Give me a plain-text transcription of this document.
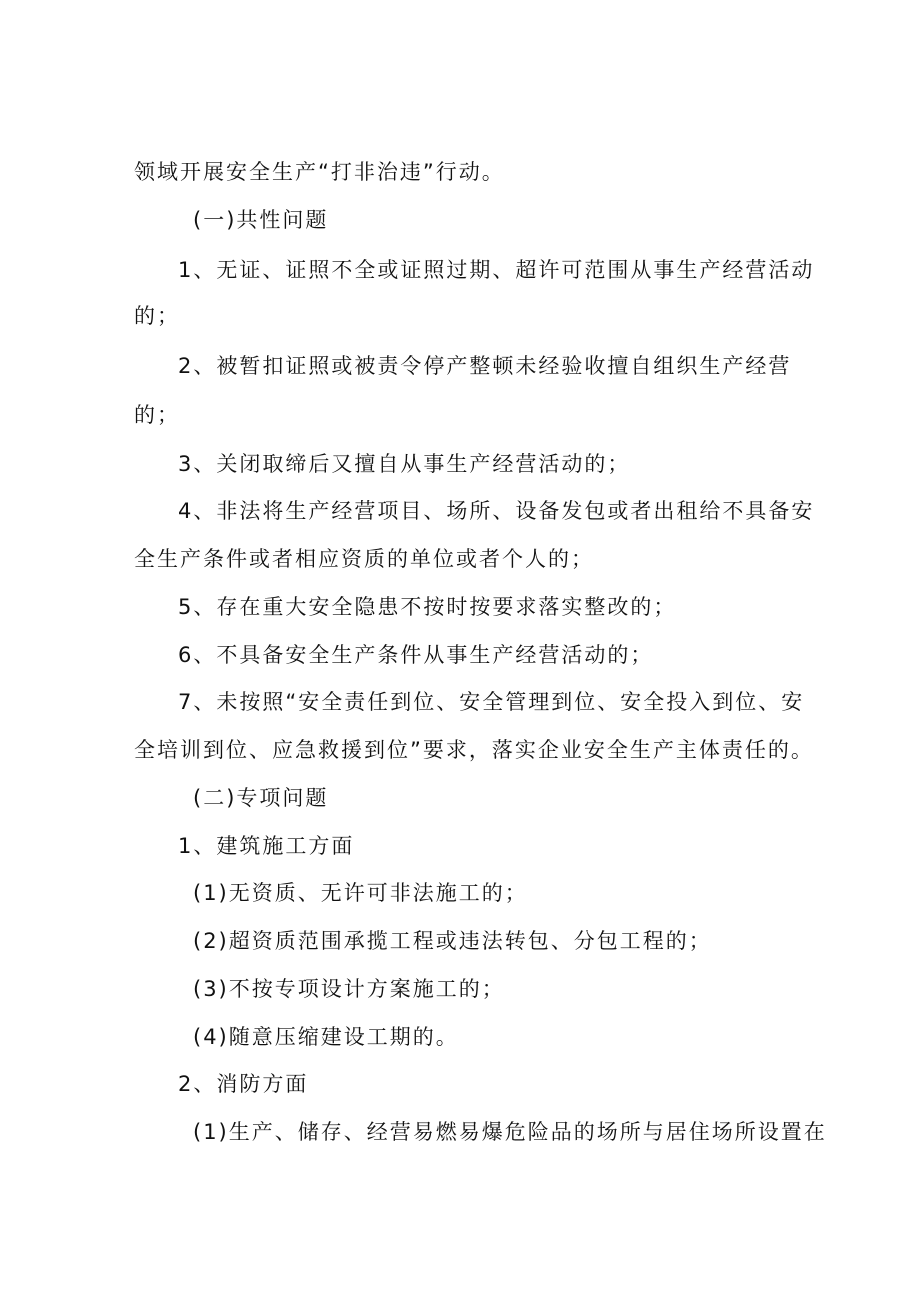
领域开展安全生产“打非治违”行动。
(一)共性问题
1、无证、证照不全或证照过期、超许可范围从事生产经营活动
的；
2、被暂扣证照或被责令停产整顿未经验收擅自组织生产经营
的；
3、关闭取缔后又擅自从事生产经营活动的；
4、非法将生产经营项目、场所、设备发包或者出租给不具备安
全生产条件或者相应资质的单位或者个人的；
5、存在重大安全隐患不按时按要求落实整改的；
6、不具备安全生产条件从事生产经营活动的；
7、未按照“安全责任到位、安全管理到位、安全投入到位、安
全培训到位、应急救援到位”要求，落实企业安全生产主体责任的。
(二)专项问题
1、建筑施工方面
(1)无资质、无许可非法施工的；
(2)超资质范围承揽工程或违法转包、分包工程的；
(3)不按专项设计方案施工的；
(4)随意压缩建设工期的。
2、消防方面
(1)生产、储存、经营易燃易爆危险品的场所与居住场所设置在
